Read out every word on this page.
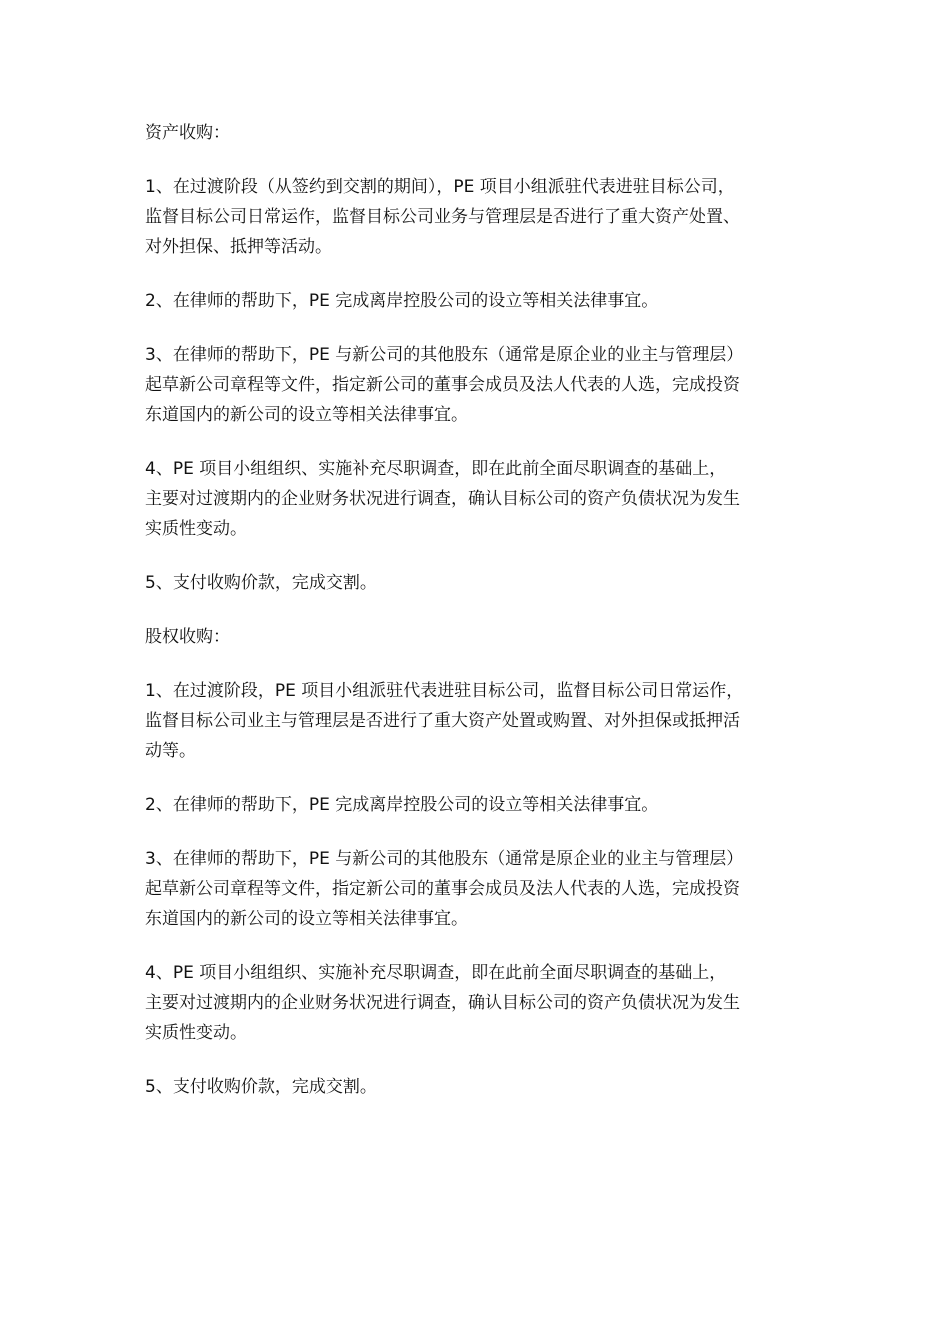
资产收购：
1、在过渡阶段（从签约到交割的期间），PE 项目小组派驻代表进驻目标公司，
监督目标公司日常运作，监督目标公司业务与管理层是否进行了重大资产处置、
对外担保、抵押等活动。
2、在律师的帮助下，PE 完成离岸控股公司的设立等相关法律事宜。
3、在律师的帮助下，PE 与新公司的其他股东（通常是原企业的业主与管理层）
起草新公司章程等文件，指定新公司的董事会成员及法人代表的人选，完成投资
东道国内的新公司的设立等相关法律事宜。
4、PE 项目小组组织、实施补充尽职调查，即在此前全面尽职调查的基础上，
主要对过渡期内的企业财务状况进行调查，确认目标公司的资产负债状况为发生
实质性变动。
5、支付收购价款，完成交割。
股权收购：
1、在过渡阶段，PE 项目小组派驻代表进驻目标公司，监督目标公司日常运作，
监督目标公司业主与管理层是否进行了重大资产处置或购置、对外担保或抵押活
动等。
2、在律师的帮助下，PE 完成离岸控股公司的设立等相关法律事宜。
3、在律师的帮助下，PE 与新公司的其他股东（通常是原企业的业主与管理层）
起草新公司章程等文件，指定新公司的董事会成员及法人代表的人选，完成投资
东道国内的新公司的设立等相关法律事宜。
4、PE 项目小组组织、实施补充尽职调查，即在此前全面尽职调查的基础上，
主要对过渡期内的企业财务状况进行调查，确认目标公司的资产负债状况为发生
实质性变动。
5、支付收购价款，完成交割。
